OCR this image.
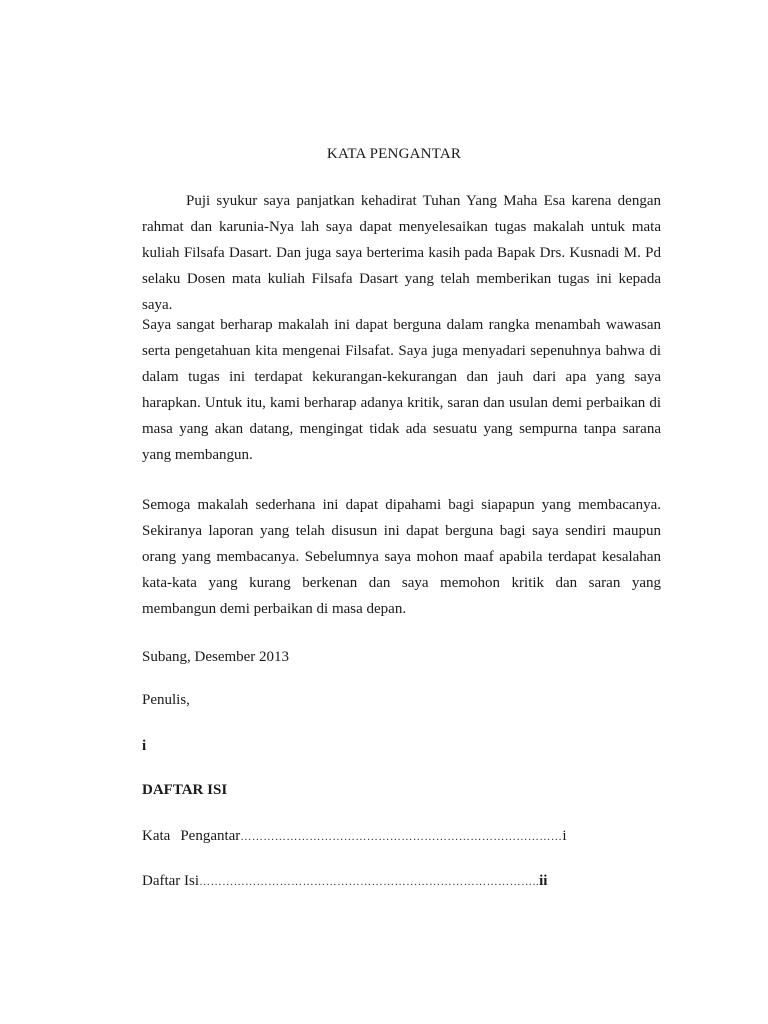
KATA PENGANTAR
Puji syukur saya panjatkan kehadirat Tuhan Yang Maha Esa karena dengan rahmat dan karunia-Nya lah saya dapat menyelesaikan tugas makalah untuk mata kuliah Filsafa Dasart. Dan juga saya berterima kasih pada Bapak Drs. Kusnadi M. Pd selaku Dosen mata kuliah Filsafa Dasart yang telah memberikan tugas ini kepada saya.
Saya sangat berharap makalah ini dapat berguna dalam rangka menambah wawasan serta pengetahuan kita mengenai Filsafat. Saya juga menyadari sepenuhnya bahwa di dalam tugas ini terdapat kekurangan-kekurangan dan jauh dari apa yang saya harapkan. Untuk itu, kami berharap adanya kritik, saran dan usulan demi perbaikan di masa yang akan datang, mengingat tidak ada sesuatu yang sempurna tanpa sarana yang membangun.
Semoga makalah sederhana ini dapat dipahami bagi siapapun yang membacanya. Sekiranya laporan yang telah disusun ini dapat berguna bagi saya sendiri maupun orang yang membacanya. Sebelumnya saya mohon maaf apabila terdapat kesalahan kata-kata yang kurang berkenan dan saya memohon kritik dan saran yang membangun demi perbaikan di masa depan.
Subang, Desember 2013
Penulis,
i
DAFTAR ISI
Kata Pengantar…………………………………………………………………………i
Daftar Isi……………………………………………………………………………..ii
